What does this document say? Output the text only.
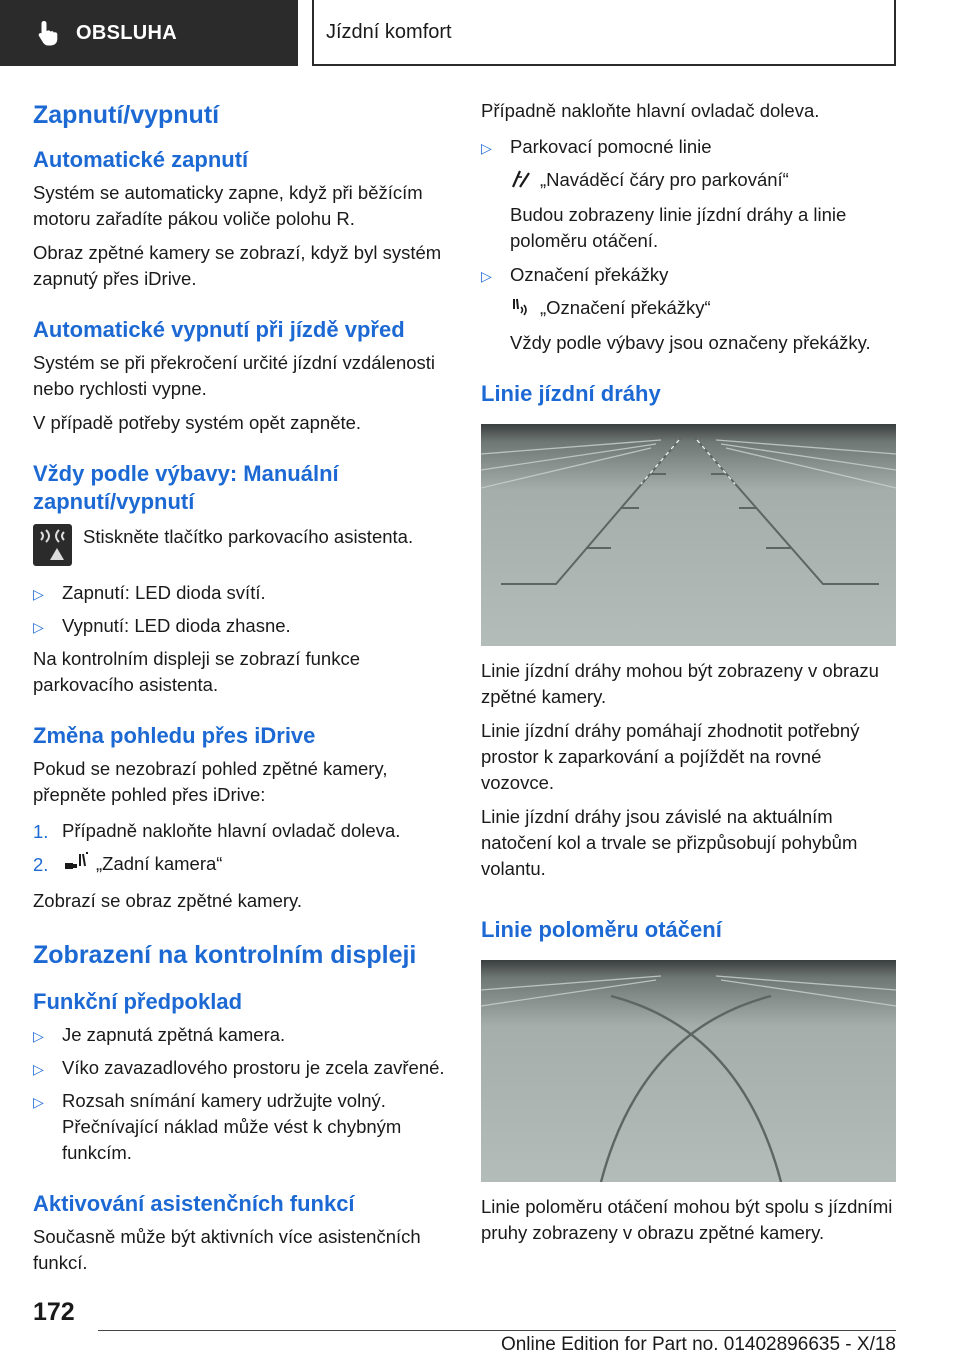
OBSLUHA	Jízdní komfort
Zapnutí/vypnutí
Automatické zapnutí

Systém se automaticky zapne, když při běžícím motoru zařadíte pákou voliče polohu R.

Obraz zpětné kamery se zobrazí, když byl systém zapnutý přes iDrive.

Automatické vypnutí při jízdě vpřed

Systém se při překročení určité jízdní vzdálenosti nebo rychlosti vypne.

V případě potřeby systém opět zapněte.

Vždy podle výbavy: Manuální zapnutí/vypnutí

Stiskněte tlačítko parkovacího asistenta.

▷ Zapnutí: LED dioda svítí.
▷ Vypnutí: LED dioda zhasne.

Na kontrolním displeji se zobrazí funkce parkovacího asistenta.

Změna pohledu přes iDrive

Pokud se nezobrazí pohled zpětné kamery, přepněte pohled přes iDrive:

1. Případně nakloňte hlavní ovladač doleva.
2.	„Zadní kamera“

Zobrazí se obraz zpětné kamery.

Zobrazení na kontrolním displeji
Funkční předpoklad
▷ Je zapnutá zpětná kamera.
▷ Víko zavazadlového prostoru je zcela zavřené.
▷ Rozsah snímání kamery udržujte volný. Přečnívající náklad může vést k chybným funkcím.
Aktivování asistenčních funkcí

Současně může být aktivních více asistenčních funkcí.

Případně nakloňte hlavní ovladač doleva.

▷ Parkovací pomocné linie

„Naváděcí čáry pro parkování“

Budou zobrazeny linie jízdní dráhy a linie poloměru otáčení.

▷ Označení překážky

„Označení překážky“

Vždy podle výbavy jsou označeny překážky.

Linie jízdní dráhy

Linie jízdní dráhy mohou být zobrazeny v obrazu zpětné kamery.

Linie jízdní dráhy pomáhají zhodnotit potřebný prostor k zaparkování a pojíždět na rovné vozovce.

Linie jízdní dráhy jsou závislé na aktuálním natočení kol a trvale se přizpůsobují pohybům volantu.

Linie poloměru otáčení

Linie poloměru otáčení mohou být spolu s jízdními pruhy zobrazeny v obrazu zpětné kamery.

172
Online Edition for Part no. 01402896635 - X/18
